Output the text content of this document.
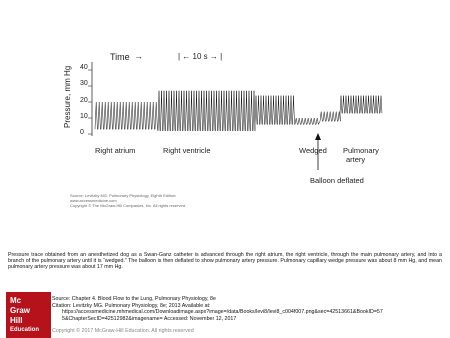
Time →	| ← 10 s → |
Pressure, mm Hg 40
30
20
10
0
Right atrium	Right ventricle	Wedged Pulmonary
artery
Balloon deflated
Source: Levitzky MG: Pulmonary Physiology, Eighth Edition:
www.accessmedicine.com
Copyright © The McGraw-Hill Companies, Inc. All rights reserved.
Pressure trace obtained from an anesthetized dog as a Swan-Ganz catheter is advanced through the right atrium, the right ventricle, through the main pulmonary artery, and into a branch of the pulmonary artery until it is “wedged.” The balloon is then deflated to show pulmonary artery pressure. Pulmonary capillary wedge pressure was about 8 mm Hg, and mean pulmonary artery pressure was about 17 mm Hg.
Mc
Graw
Hill
Education
Source: Chapter 4. Blood Flow to the Lung, Pulmonary Physiology, 8e
Citation: Levitzky MG. Pulmonary Physiology, 8e; 2013 Available at:
https://accessmedicine.mhmedical.com/Downloadimage.aspx?image=/data/Books/levi8/levi8_c004f007.png&sec=42513661&BookID=57
5&ChapterSecID=42512982&imagename= Accessed: November 12, 2017
Copyright © 2017 McGraw-Hill Education. All rights reserved
